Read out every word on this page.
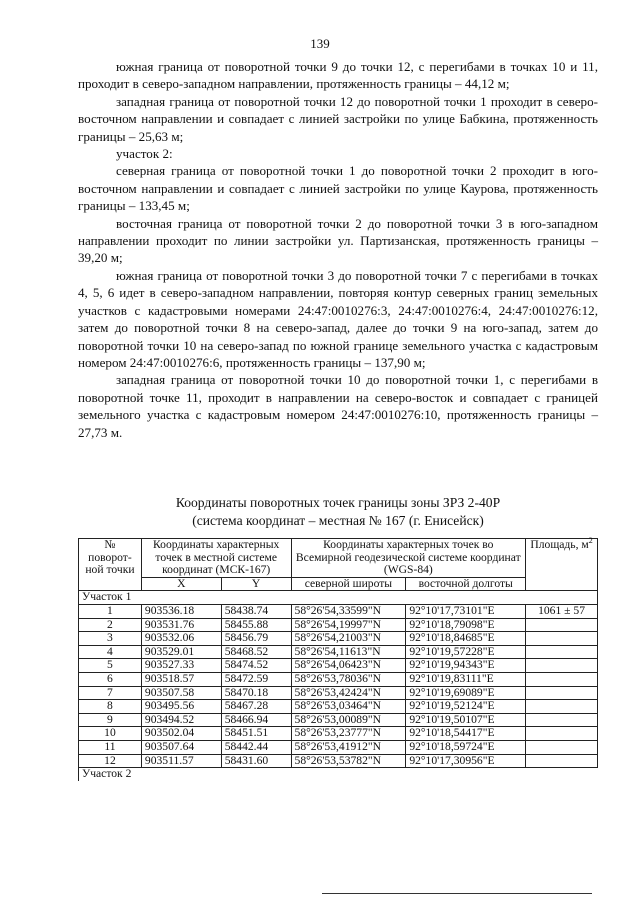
139

южная граница от поворотной точки 9 до точки 12, с перегибами в точках 10 и 11, проходит в северо-западном направлении, протяженность границы – 44,12 м;

западная граница от поворотной точки 12 до поворотной точки 1 проходит в северо-восточном направлении и совпадает с линией застройки по улице Бабкина, протяженность границы – 25,63 м;

участок 2:

северная граница от поворотной точки 1 до поворотной точки 2 проходит в юго-восточном направлении и совпадает с линией застройки по улице Каурова, протяженность границы – 133,45 м;

восточная граница от поворотной точки 2 до поворотной точки 3 в юго-западном направлении проходит по линии застройки ул. Партизанская, протяженность границы – 39,20 м;

южная граница от поворотной точки 3 до поворотной точки 7 с перегибами в точках 4, 5, 6 идет в северо-западном направлении, повторяя контур северных границ земельных участков с кадастровыми номерами 24:47:0010276:3, 24:47:0010276:4, 24:47:0010276:12, затем до поворотной точки 8 на северо-запад, далее до точки 9 на юго-запад, затем до поворотной точки 10 на северо-запад по южной границе земельного участка с кадастровым номером 24:47:0010276:6, протяженность границы – 137,90 м;

западная граница от поворотной точки 10 до поворотной точки 1, с перегибами в поворотной точке 11, проходит в направлении на северо-восток и совпадает с границей земельного участка с кадастровым номером 24:47:0010276:10, протяженность границы – 27,73 м.

Координаты поворотных точек границы зоны ЗРЗ 2-40Р
(система координат – местная № 167 (г. Енисейск)
№ поворот-ной точки	Координаты характерных точек в местной системе координат (МСК-167)		Координаты характерных точек во Всемирной геодезической системе координат (WGS-84)		Площадь, $м^2$
	X	Y	северной широты	восточной долготы	
Участок 1					
1	903536.18	58438.74	58°26'54,33599"N	92°10'17,73101"E	1061 ± 57
2	903531.76	58455.88	58°26'54,19997"N	92°10'18,79098"E	
3	903532.06	58456.79	58°26'54,21003"N	92°10'18,84685"E	
4	903529.01	58468.52	58°26'54,11613"N	92°10'19,57228"E	
5	903527.33	58474.52	58°26'54,06423"N	92°10'19,94343"E	
6	903518.57	58472.59	58°26'53,78036"N	92°10'19,83111"E	
7	903507.58	58470.18	58°26'53,42424"N	92°10'19,69089"E	
8	903495.56	58467.28	58°26'53,03464"N	92°10'19,52124"E	
9	903494.52	58466.94	58°26'53,00089"N	92°10'19,50107"E	
10	903502.04	58451.51	58°26'53,23777"N	92°10'18,54417"E	
11	903507.64	58442.44	58°26'53,41912"N	92°10'18,59724"E	
12	903511.57	58431.60	58°26'53,53782"N	92°10'17,30956"E	
Участок 2					
